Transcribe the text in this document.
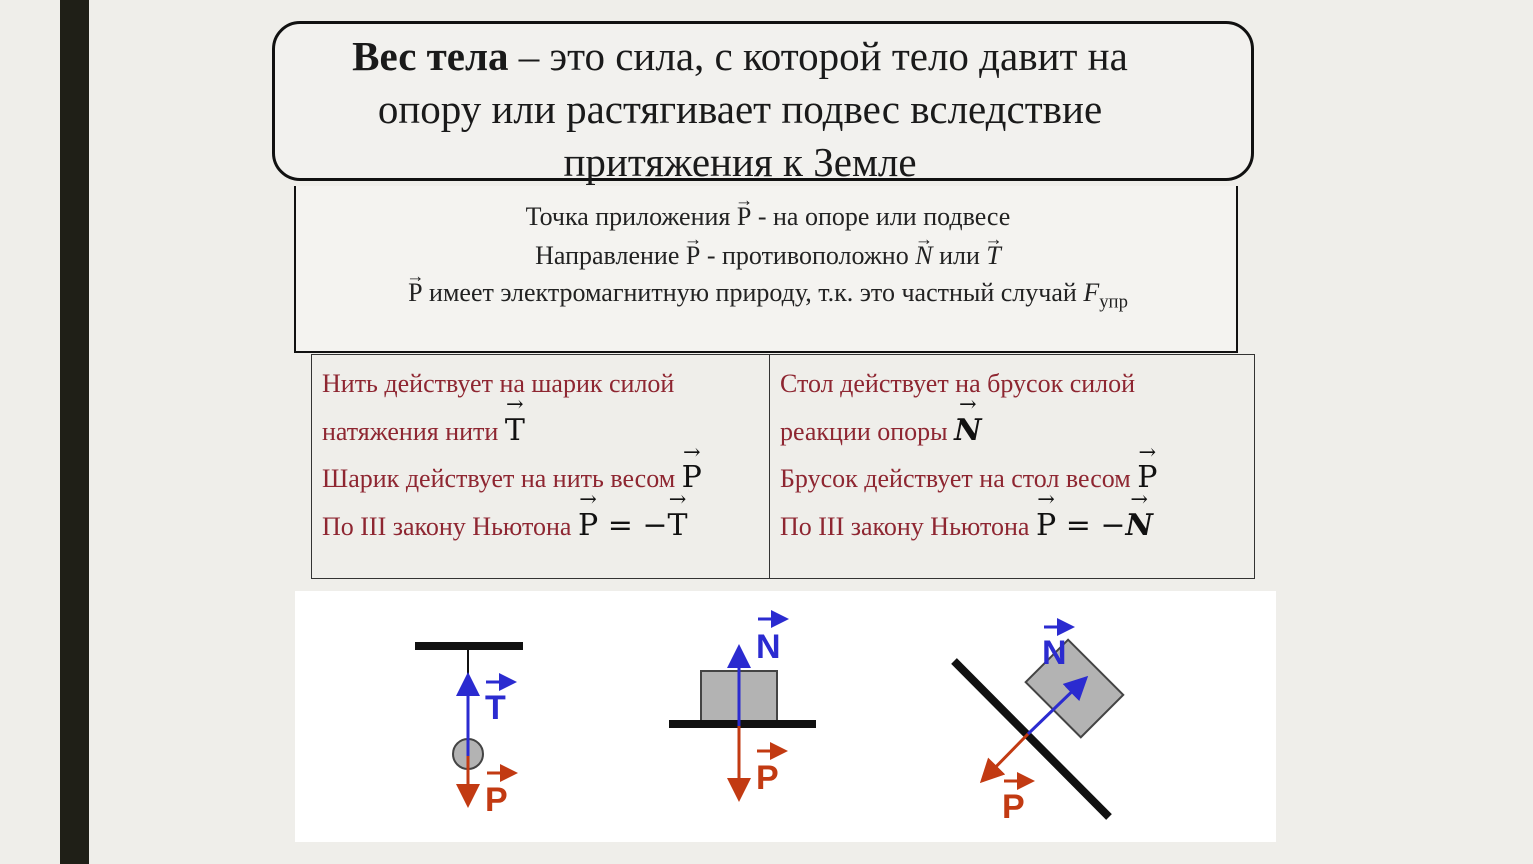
Вес тела – это сила, с которой тело давит на
опору или растягивает подвес вследствие
притяжения к Земле
Точка приложения → P - на опоре или подвесе
Направление → P - противоположно → N или → T
→ P имеет электромагнитную природу, т.к. это частный случай $F_{упр}$
Нить действует на шарик силой
натяжения нити → T
Шарик действует на нить весом → P
По III закону Ньютона → P = −→ T
Стол действует на брусок силой
реакции опоры → N
Брусок действует на стол весом → P
По III закону Ньютона → P = −→ N
T
P
N
P
N
P
